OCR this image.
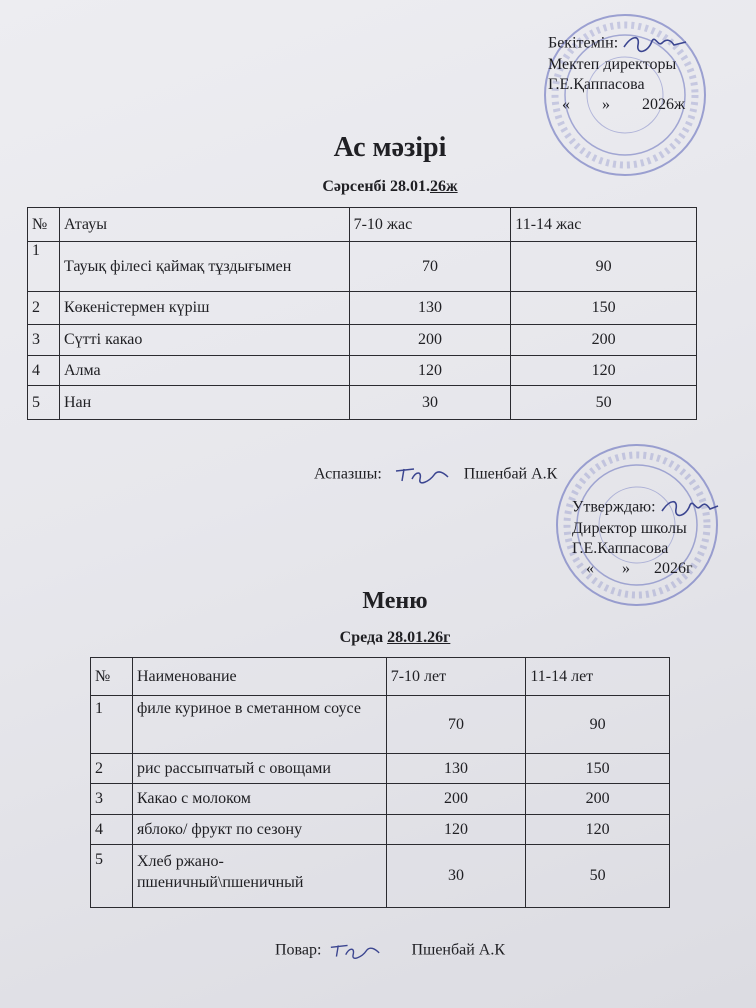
Бекітемін:
Мектеп директоры
Г.Е.Қаппасова
« » 2026ж
Ас мәзірі
Сәрсенбі 28.01.26ж
№	Атауы	7-10 жас	11-14 жас
1	Тауық філесі қаймақ тұздығымен	70	90
2	Көкеністермен күріш	130	150
3	Сүтті какао	200	200
4	Алма	120	120
5	Нан	30	50
Аспазшы:	Пшенбай А.К
Утверждаю:
Директор школы
Г.Е.Каппасова
« » 2026г
Меню
Среда 28.01.26г
№	Наименование	7-10 лет	11-14 лет
1	филе куриное в сметанном соусе	70	90
2	рис рассыпчатый с овощами	130	150
3	Какао с молоком	200	200
4	яблоко/ фрукт по сезону	120	120
5	Хлеб ржано-пшеничный\пшеничный	30	50
Повар:	Пшенбай А.К
